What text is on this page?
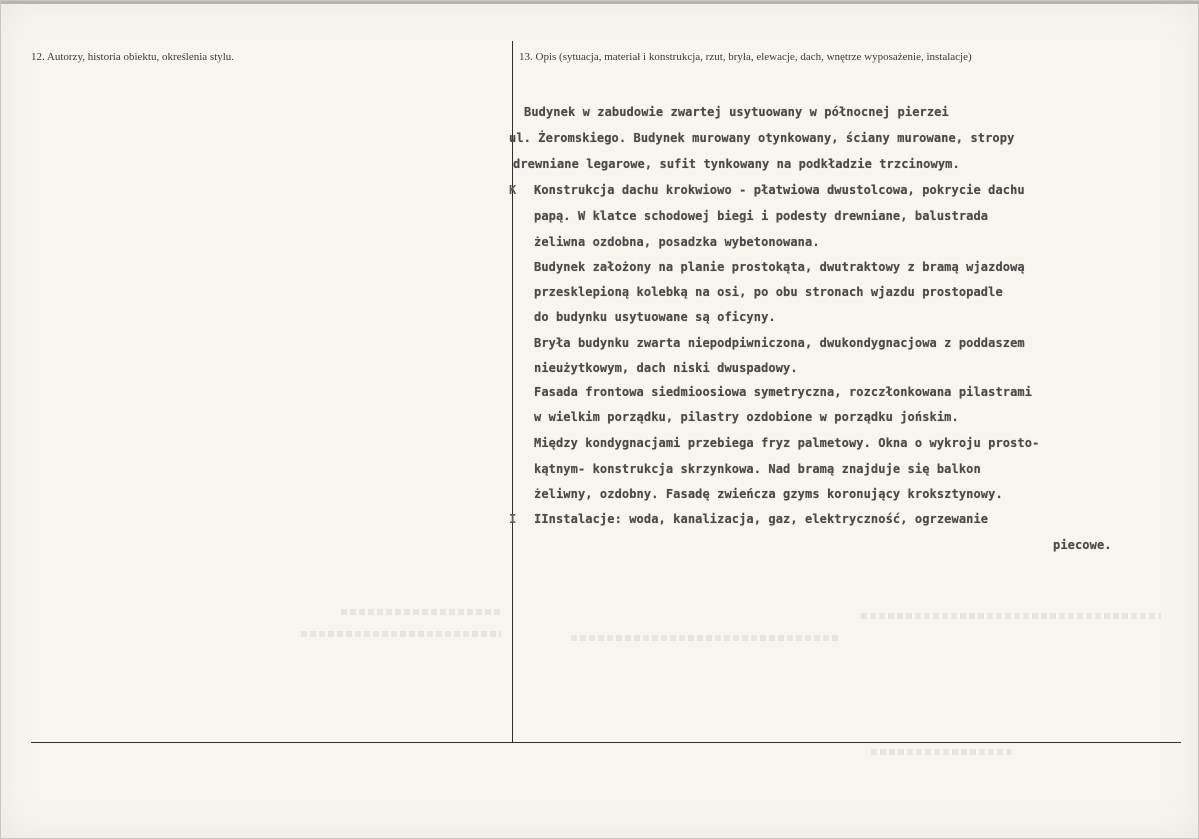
12. Autorzy, historia obiektu, określenia stylu.	13. Opis (sytuacja, materiał i konstrukcja, rzut, bryła, elewacje, dach, wnętrze wyposażenie, instalacje)
Budynek w zabudowie zwartej usytuowany w północnej pierzei
ul. Żeromskiego. Budynek murowany otynkowany, ściany murowane, stropy
drewniane legarowe, sufit tynkowany na podkładzie trzcinowym.
K Konstrukcja dachu krokwiowo - płatwiowa dwustolcowa, pokrycie dachu
papą. W klatce schodowej biegi i podesty drewniane, balustrada
żeliwna ozdobna, posadzka wybetonowana.
Budynek założony na planie prostokąta, dwutraktowy z bramą wjazdową
przesklepioną kolebką na osi, po obu stronach wjazdu prostopadle
do budynku usytuowane są oficyny.
Bryła budynku zwarta niepodpiwniczona, dwukondygnacjowa z poddaszem
nieużytkowym, dach niski dwuspadowy.
Fasada frontowa siedmioosiowa symetryczna, rozczłonkowana pilastrami
w wielkim porządku, pilastry ozdobione w porządku jońskim.
Między kondygnacjami przebiega fryz palmetowy. Okna o wykroju prosto-
kątnym- konstrukcja skrzynkowa. Nad bramą znajduje się balkon
żeliwny, ozdobny. Fasadę zwieńcza gzyms koronujący kroksztynowy.
I IInstalacje: woda, kanalizacja, gaz, elektryczność, ogrzewanie
piecowe.
